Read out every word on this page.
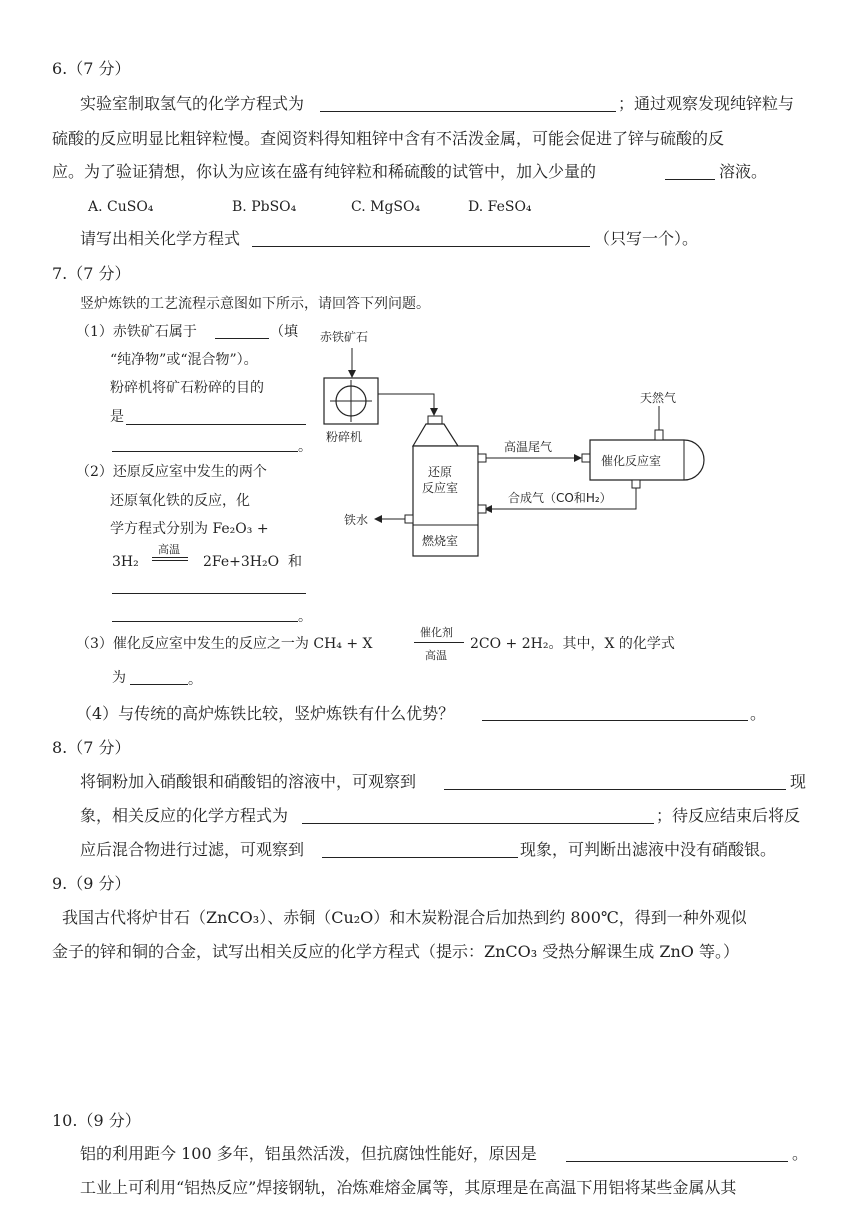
6.（7 分）
实验室制取氢气的化学方程式为	；通过观察发现纯锌粒与
硫酸的反应明显比粗锌粒慢。查阅资料得知粗锌中含有不活泼金属，可能会促进了锌与硫酸的反
应。为了验证猜想，你认为应该在盛有纯锌粒和稀硫酸的试管中，加入少量的	溶液。
A. CuSO₄	B. PbSO₄	C. MgSO₄	D. FeSO₄
请写出相关化学方程式	（只写一个）。
7.（7 分）
竖炉炼铁的工艺流程示意图如下所示，请回答下列问题。
（1）赤铁矿石属于	（填
“纯净物”或“混合物”）。
粉碎机将矿石粉碎的目的
是
。
（2）还原反应室中发生的两个
还原氧化铁的反应，化
学方程式分别为 Fe₂O₃ +
3H₂
高温
2Fe+3H₂O 和
。
赤铁矿石
粉碎机
还原
反应室
燃烧室
高温尾气
催化反应室
天然气
合成气（CO和H₂）
铁水
（3）催化反应室中发生的反应之一为 CH₄ + X
催化剂
高温
2CO + 2H₂。其中，X 的化学式
为	。
（4）与传统的高炉炼铁比较，竖炉炼铁有什么优势？	。
8.（7 分）
将铜粉加入硝酸银和硝酸铝的溶液中，可观察到	现
象，相关反应的化学方程式为	；待反应结束后将反
应后混合物进行过滤，可观察到	现象，可判断出滤液中没有硝酸银。
9.（9 分）
我国古代将炉甘石（ZnCO₃）、赤铜（Cu₂O）和木炭粉混合后加热到约 800℃，得到一种外观似
金子的锌和铜的合金，试写出相关反应的化学方程式（提示：ZnCO₃ 受热分解课生成 ZnO 等。）
10.（9 分）
铝的利用距今 100 多年，铝虽然活泼，但抗腐蚀性能好，原因是	。
工业上可利用“铝热反应”焊接钢轨，冶炼难熔金属等，其原理是在高温下用铝将某些金属从其
